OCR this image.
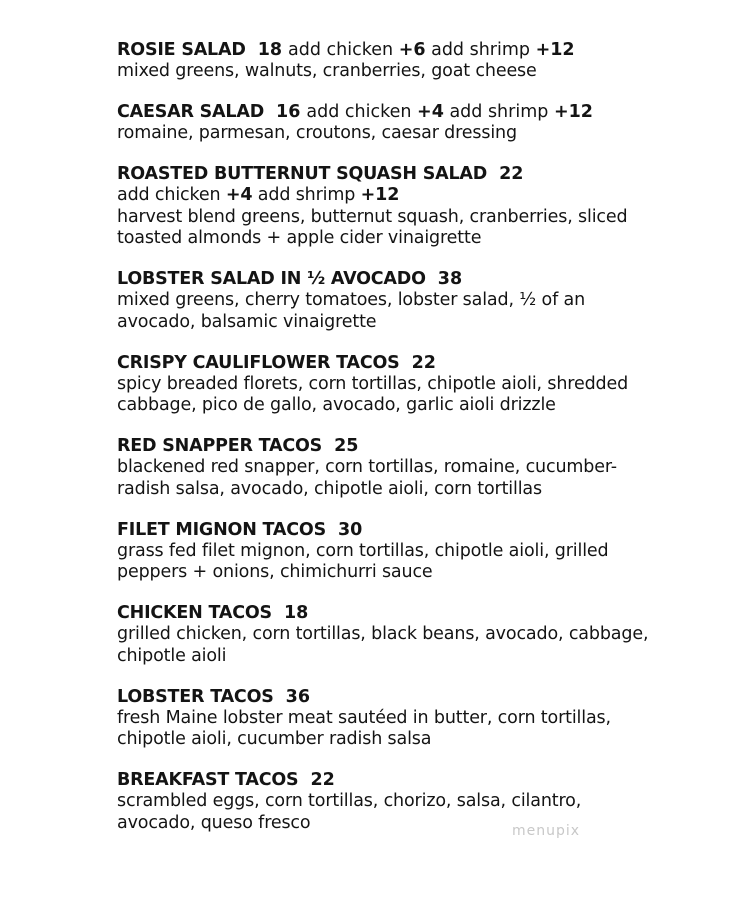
ROSIE SALAD 18 add chicken +6 add shrimp +12
mixed greens, walnuts, cranberries, goat cheese
CAESAR SALAD 16 add chicken +4 add shrimp +12
romaine, parmesan, croutons, caesar dressing
ROASTED BUTTERNUT SQUASH SALAD 22
add chicken +4 add shrimp +12
harvest blend greens, butternut squash, cranberries, sliced
toasted almonds + apple cider vinaigrette
LOBSTER SALAD IN ½ AVOCADO 38
mixed greens, cherry tomatoes, lobster salad, ½ of an
avocado, balsamic vinaigrette
CRISPY CAULIFLOWER TACOS 22
spicy breaded florets, corn tortillas, chipotle aioli, shredded
cabbage, pico de gallo, avocado, garlic aioli drizzle
RED SNAPPER TACOS 25
blackened red snapper, corn tortillas, romaine, cucumber-
radish salsa, avocado, chipotle aioli, corn tortillas
FILET MIGNON TACOS 30
grass fed filet mignon, corn tortillas, chipotle aioli, grilled
peppers + onions, chimichurri sauce
CHICKEN TACOS 18
grilled chicken, corn tortillas, black beans, avocado, cabbage,
chipotle aioli
LOBSTER TACOS 36
fresh Maine lobster meat sautéed in butter, corn tortillas,
chipotle aioli, cucumber radish salsa
BREAKFAST TACOS 22
scrambled eggs, corn tortillas, chorizo, salsa, cilantro,
avocado, queso fresco	menupix
